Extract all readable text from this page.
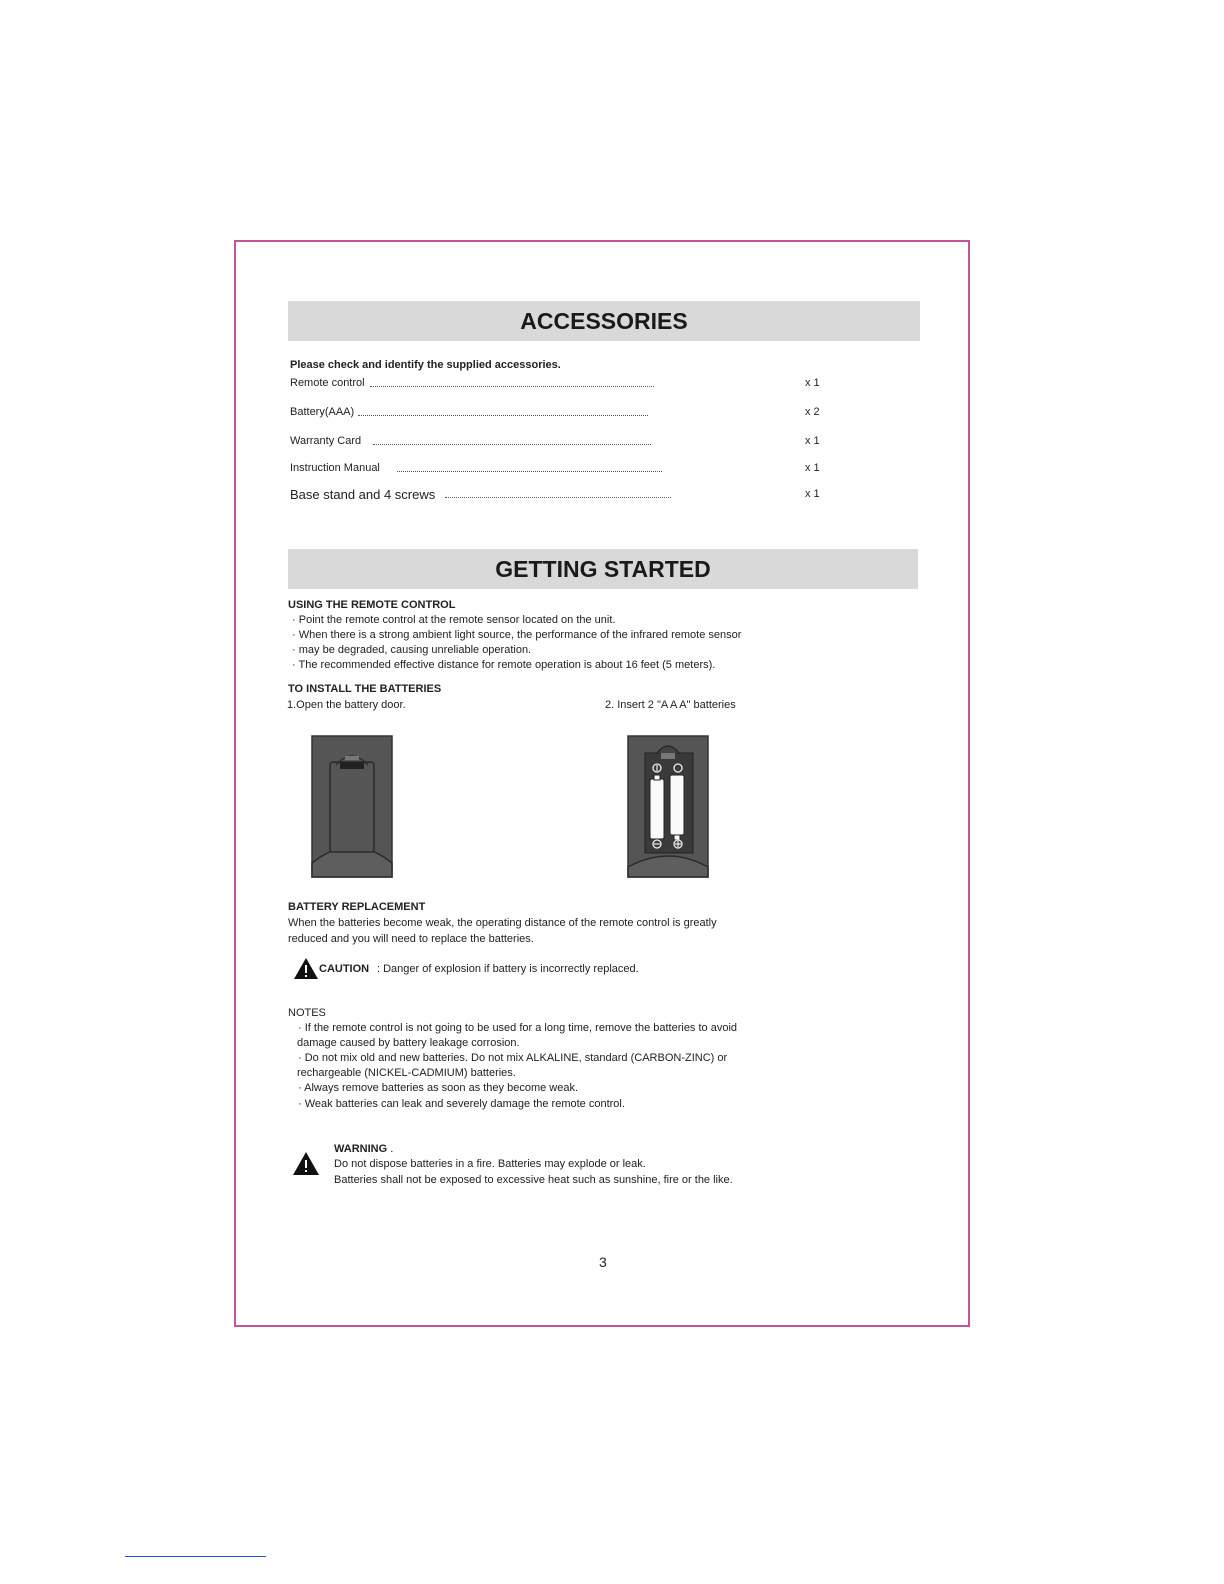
ACCESSORIES
Please check and identify the supplied accessories.
Remote control	x 1
Battery(AAA)	x 2
Warranty Card	x 1
Instruction Manual	x 1
Base stand and 4 screws	x 1
GETTING STARTED
USING THE REMOTE CONTROL
· Point the remote control at the remote sensor located on the unit.
· When there is a strong ambient light source, the performance of the infrared remote sensor
· may be degraded, causing unreliable operation.
· The recommended effective distance for remote operation is about 16 feet (5 meters).
TO INSTALL THE BATTERIES
1.Open the battery door.	2. Insert 2 "A A A" batteries
BATTERY REPLACEMENT
When the batteries become weak, the operating distance of the remote control is greatly
reduced and you will need to replace the batteries.
CAUTION : Danger of explosion if battery is incorrectly replaced.
NOTES
· If the remote control is not going to be used for a long time, remove the batteries to avoid
damage caused by battery leakage corrosion.
· Do not mix old and new batteries. Do not mix ALKALINE, standard (CARBON-ZINC) or
rechargeable (NICKEL-CADMIUM) batteries.
· Always remove batteries as soon as they become weak.
· Weak batteries can leak and severely damage the remote control.
WARNING .
Do not dispose batteries in a fire. Batteries may explode or leak.
Batteries shall not be exposed to excessive heat such as sunshine, fire or the like.
3
